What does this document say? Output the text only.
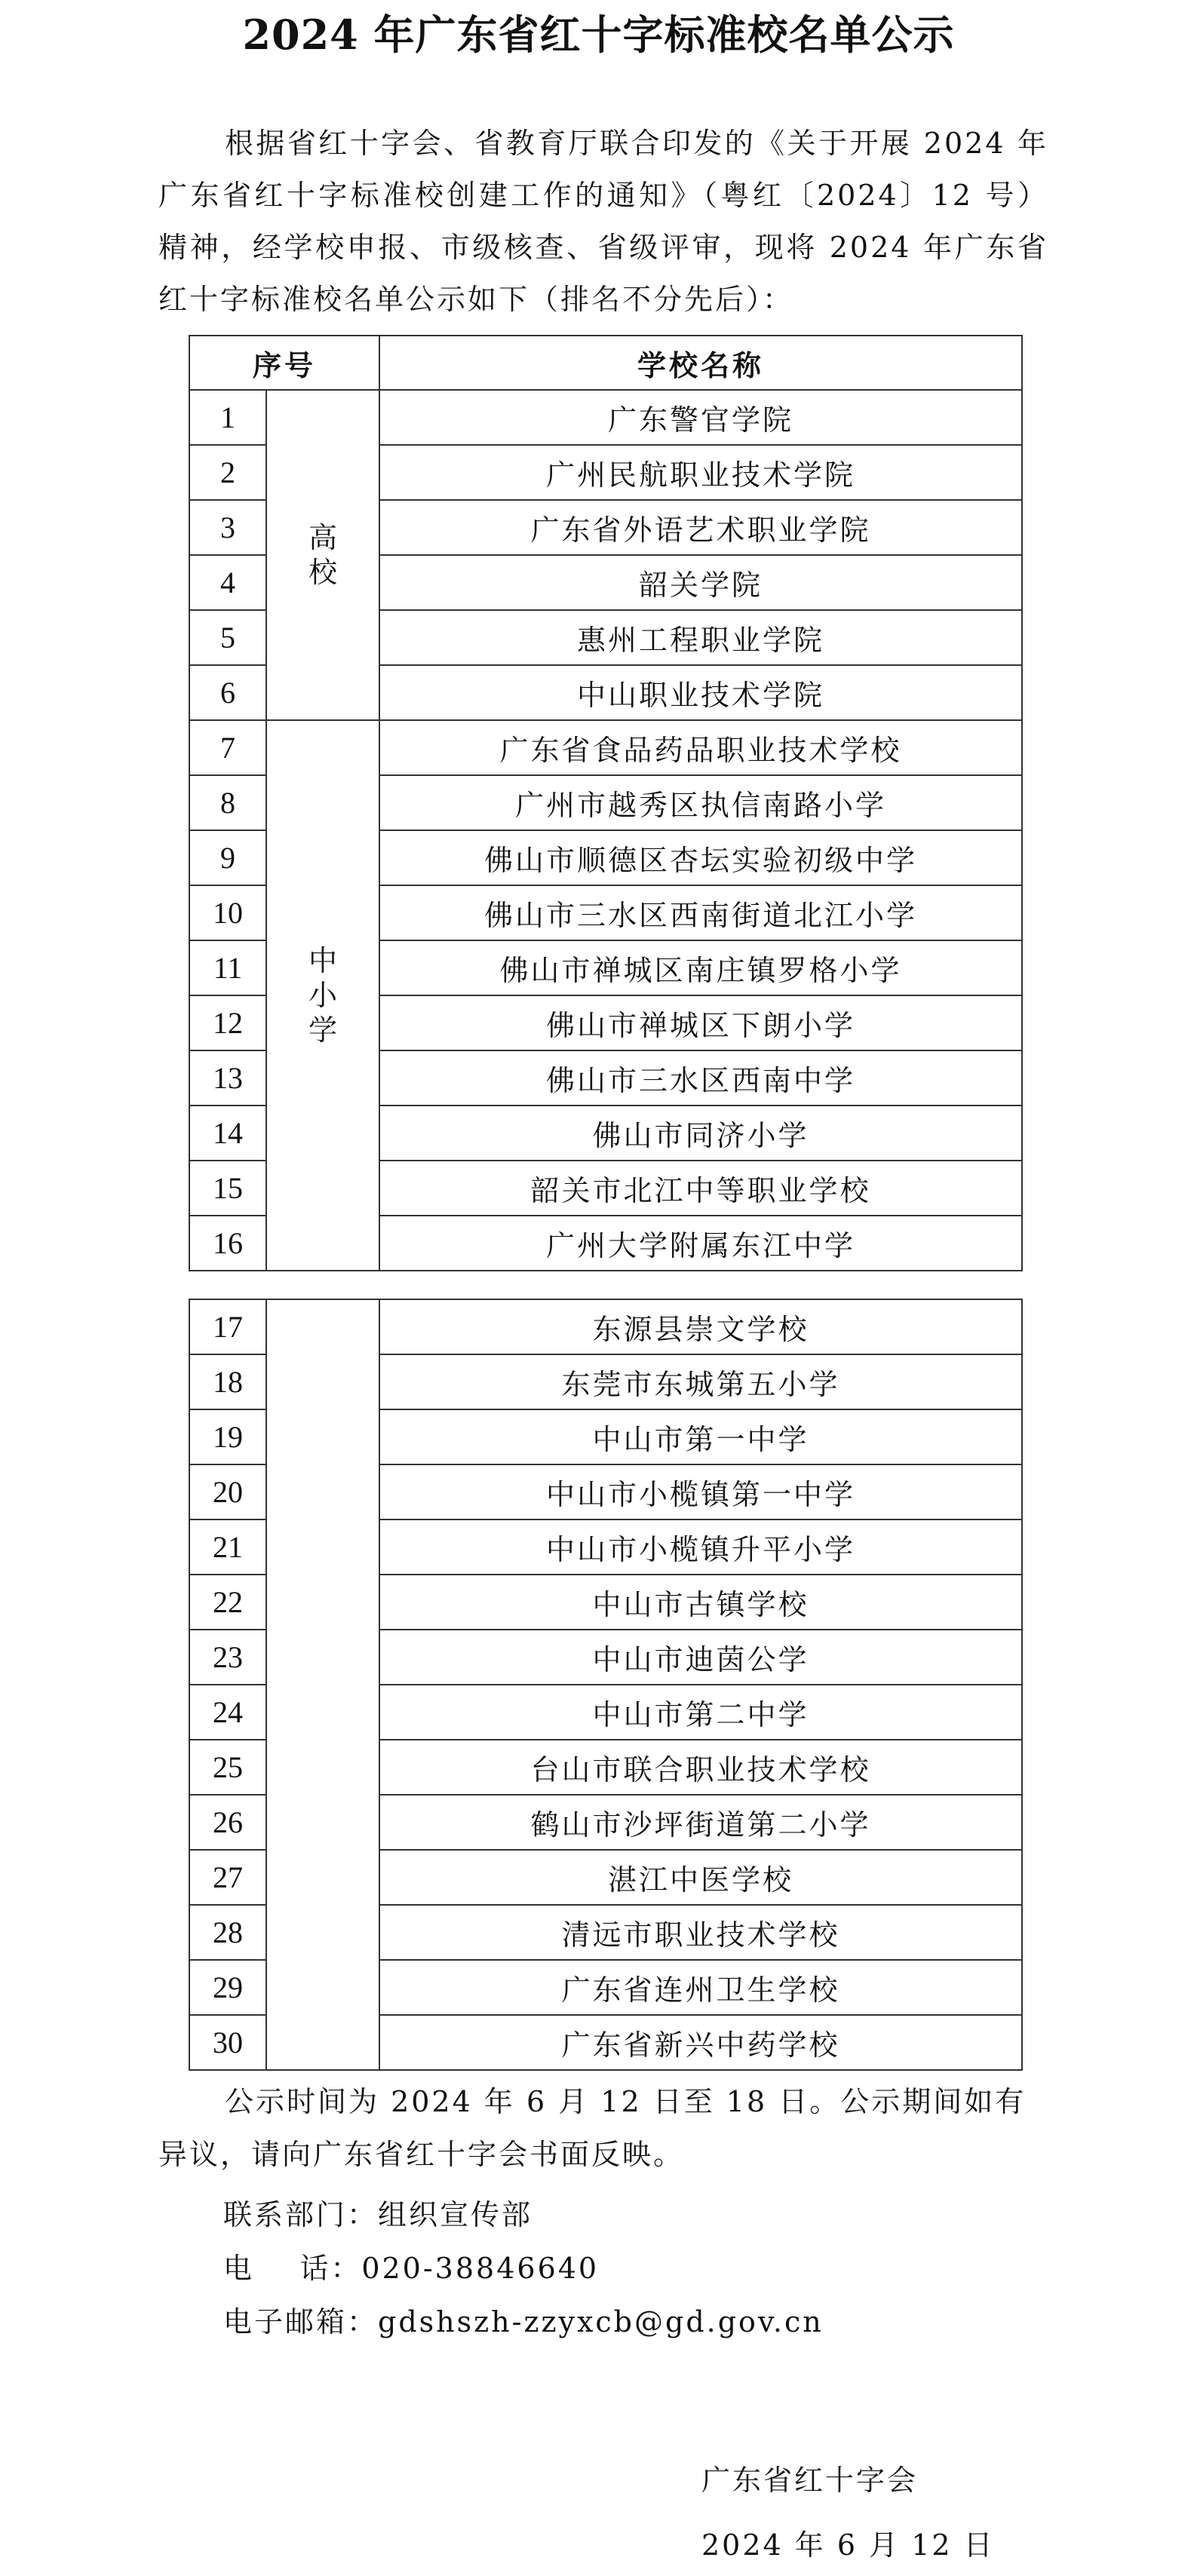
2024 年广东省红十字标准校名单公示
根据省红十字会、省教育厅联合印发的《关于开展 2024 年广东省红十字标准校创建工作的通知》（粤红〔2024〕12 号）精神，经学校申报、市级核查、省级评审，现将 2024 年广东省红十字标准校名单公示如下（排名不分先后）：
序号		学校名称
1	高校	广东警官学院
2		广州民航职业技术学院
3		广东省外语艺术职业学院
4		韶关学院
5		惠州工程职业学院
6		中山职业技术学院
7	中小学	广东省食品药品职业技术学校
8		广州市越秀区执信南路小学
9		佛山市顺德区杏坛实验初级中学
10		佛山市三水区西南街道北江小学
11		佛山市禅城区南庄镇罗格小学
12		佛山市禅城区下朗小学
13		佛山市三水区西南中学
14		佛山市同济小学
15		韶关市北江中等职业学校
16		广州大学附属东江中学
17		东源县崇文学校
18		东莞市东城第五小学
19		中山市第一中学
20		中山市小榄镇第一中学
21		中山市小榄镇升平小学
22		中山市古镇学校
23		中山市迪茵公学
24		中山市第二中学
25		台山市联合职业技术学校
26		鹤山市沙坪街道第二小学
27		湛江中医学校
28		清远市职业技术学校
29		广东省连州卫生学校
30		广东省新兴中药学校
公示时间为 2024 年 6 月 12 日至 18 日。公示期间如有异议，请向广东省红十字会书面反映。
联系部门：组织宣传部
电    话：020-38846640
电子邮箱：gdshszh-zzyxcb@gd.gov.cn
广东省红十字会
2024 年 6 月 12 日
